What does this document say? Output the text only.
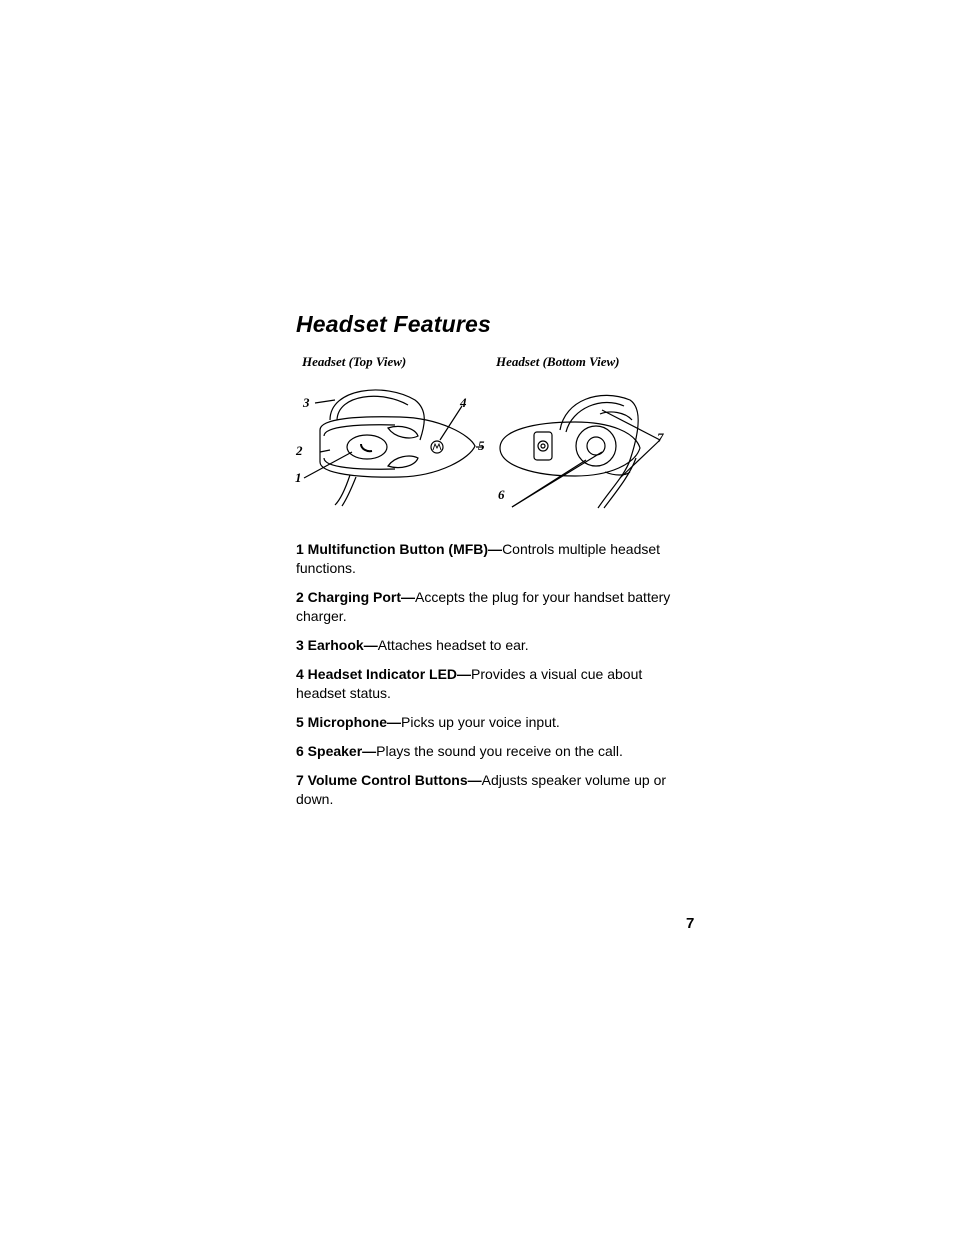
Headset Features
Headset (Top View)	Headset (Bottom View)
3	4
2
1
5
7
6

1 Multifunction Button (MFB)—Controls multiple headset functions.

2 Charging Port—Accepts the plug for your handset battery charger.

3 Earhook—Attaches headset to ear.

4 Headset Indicator LED—Provides a visual cue about headset status.

5 Microphone—Picks up your voice input.

6 Speaker—Plays the sound you receive on the call.

7 Volume Control Buttons—Adjusts speaker volume up or down.

7
